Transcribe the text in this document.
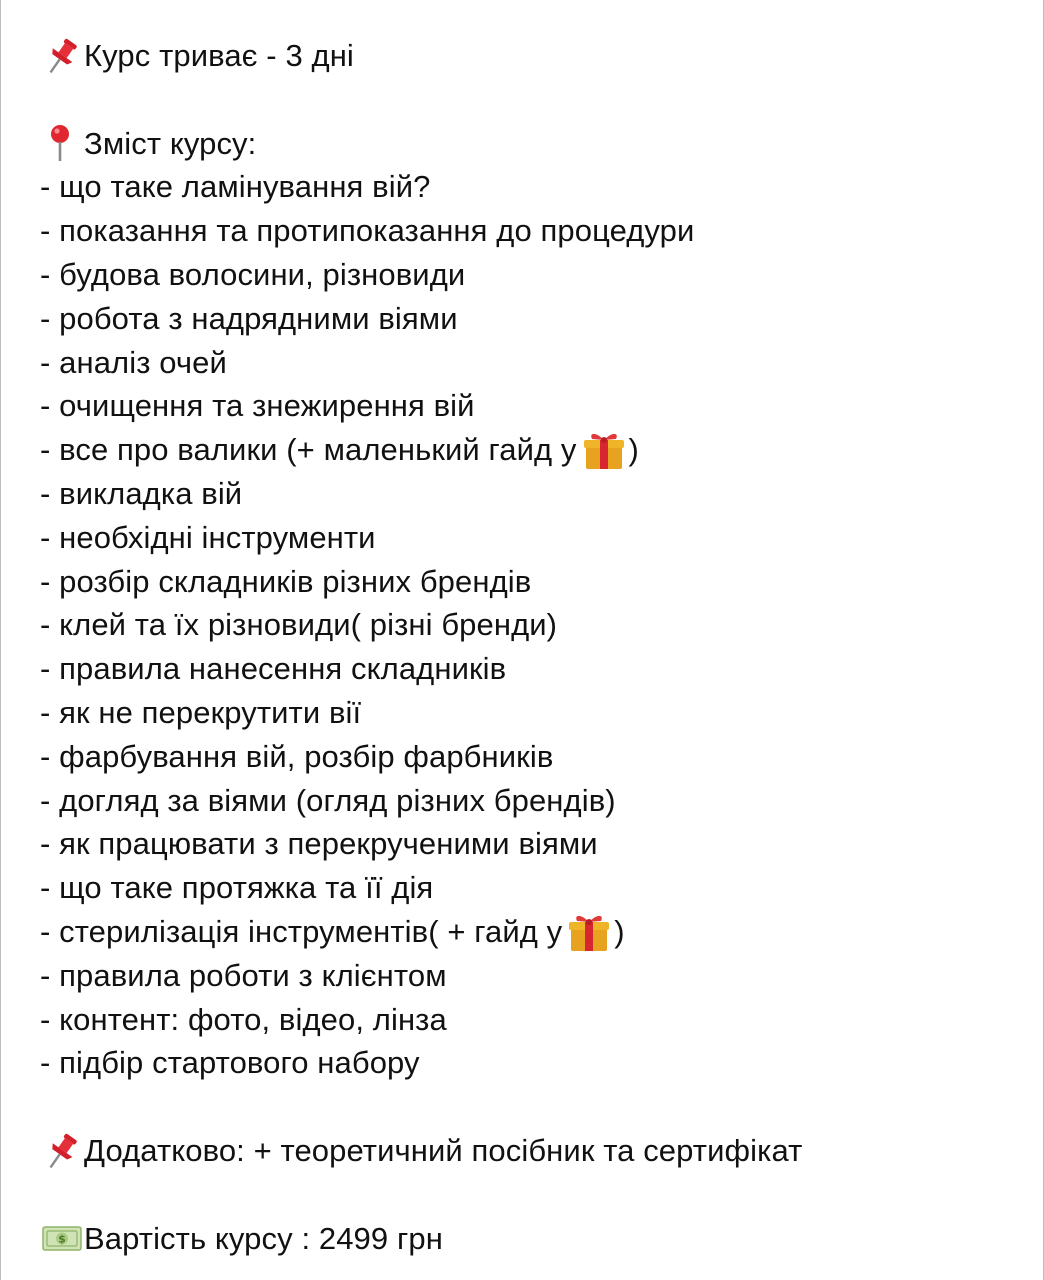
Курс триває - 3 дні
Зміст курсу:
- що таке ламінування вій?
- показання та протипоказання до процедури
- будова волосини, різновиди
- робота з надрядними віями
- аналіз очей
- очищення та знежирення вій
- все про валики (+ маленький гайд у )
- викладка вій
- необхідні інструменти
- розбір складників різних брендів
- клей та їх різновиди( різні бренди)
- правила нанесення складників
- як не перекрутити вії
- фарбування вій, розбір фарбників
- догляд за віями (огляд різних брендів)
- як працювати з перекрученими віями
- що таке протяжка та її дія
- стерилізація інструментів( + гайд у )
- правила роботи з клієнтом
- контент: фото, відео, лінза
- підбір стартового набору
Додатково: + теоретичний посібник та сертифікат
$ Вартість курсу : 2499 грн
